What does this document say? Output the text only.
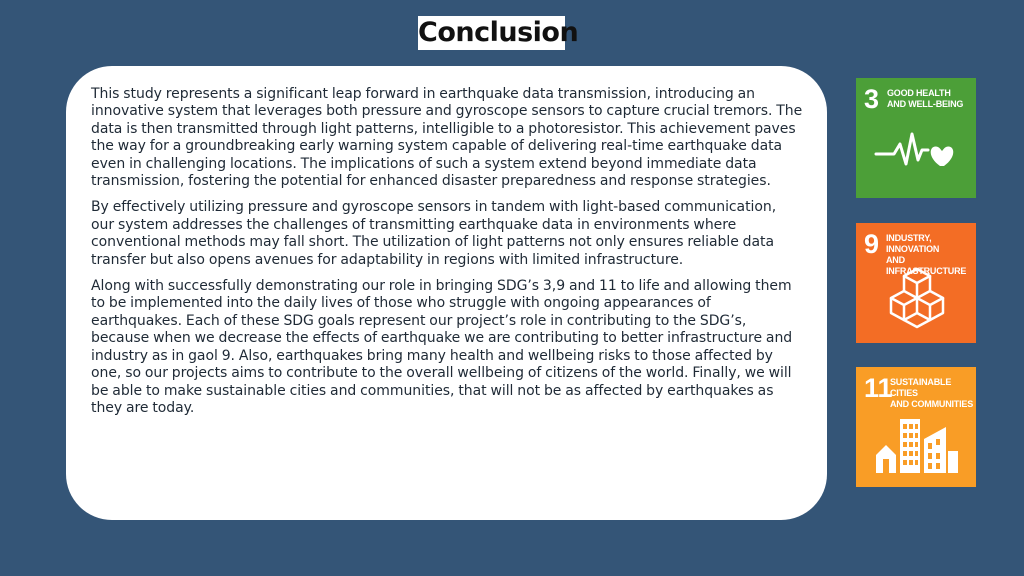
Conclusion

This study represents a significant leap forward in earthquake data transmission, introducing an innovative system that leverages both pressure and gyroscope sensors to capture crucial tremors. The data is then transmitted through light patterns, intelligible to a photoresistor. This achievement paves the way for a groundbreaking early warning system capable of delivering real-time earthquake data even in challenging locations. The implications of such a system extend beyond immediate data transmission, fostering the potential for enhanced disaster preparedness and response strategies.

By effectively utilizing pressure and gyroscope sensors in tandem with light-based communication, our system addresses the challenges of transmitting earthquake data in environments where conventional methods may fall short. The utilization of light patterns not only ensures reliable data transfer but also opens avenues for adaptability in regions with limited infrastructure.

Along with successfully demonstrating our role in bringing SDG’s 3,9 and 11 to life and allowing them to be implemented into the daily lives of those who struggle with ongoing appearances of earthquakes. Each of these SDG goals represent our project’s role in contributing to the SDG’s, because when we decrease the effects of earthquake we are contributing to better infrastructure and industry as in gaol 9. Also, earthquakes bring many health and wellbeing risks to those affected by one, so our projects aims to contribute to the overall wellbeing of citizens of the world. Finally, we will be able to make sustainable cities and communities, that will not be as affected by earthquakes as they are today.

3 GOOD HEALTH
AND WELL-BEING
9 INDUSTRY, INNOVATION
AND INFRASTRUCTURE
11
SUSTAINABLE CITIES
AND COMMUNITIES
